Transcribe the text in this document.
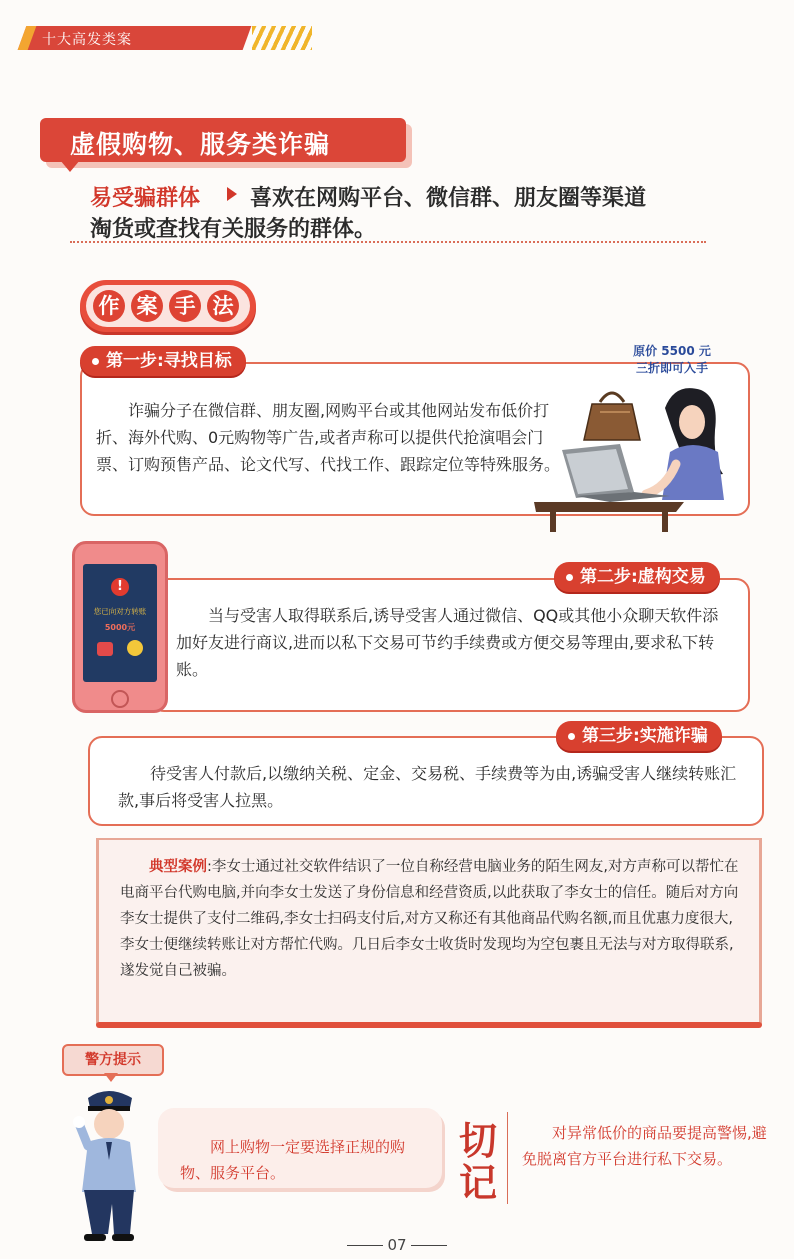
十大高发类案
虚假购物、服务类诈骗
易受骗群体 喜欢在网购平台、微信群、朋友圈等渠道
淘货或查找有关服务的群体。
作 案 手 法
第一步:寻找目标
诈骗分子在微信群、朋友圈,网购平台或其他网站发布低价打折、海外代购、0元购物等广告,或者声称可以提供代抢演唱会门票、订购预售产品、论文代写、代找工作、跟踪定位等特殊服务。
原价 5500 元
三折即可入手
第二步:虚构交易
当与受害人取得联系后,诱导受害人通过微信、QQ或其他小众聊天软件添加好友进行商议,进而以私下交易可节约手续费或方便交易等理由,要求私下转账。
!
您已向对方转账
5000元
第三步:实施诈骗
待受害人付款后,以缴纳关税、定金、交易税、手续费等为由,诱骗受害人继续转账汇款,事后将受害人拉黑。
典型案例:李女士通过社交软件结识了一位自称经营电脑业务的陌生网友,对方声称可以帮忙在电商平台代购电脑,并向李女士发送了身份信息和经营资质,以此获取了李女士的信任。随后对方向李女士提供了支付二维码,李女士扫码支付后,对方又称还有其他商品代购名额,而且优惠力度很大,李女士便继续转账让对方帮忙代购。几日后李女士收货时发现均为空包裹且无法与对方取得联系,遂发觉自己被骗。
警方提示
网上购物一定要选择正规的购物、服务平台。
切
记
对异常低价的商品要提高警惕,避免脱离官方平台进行私下交易。
07
